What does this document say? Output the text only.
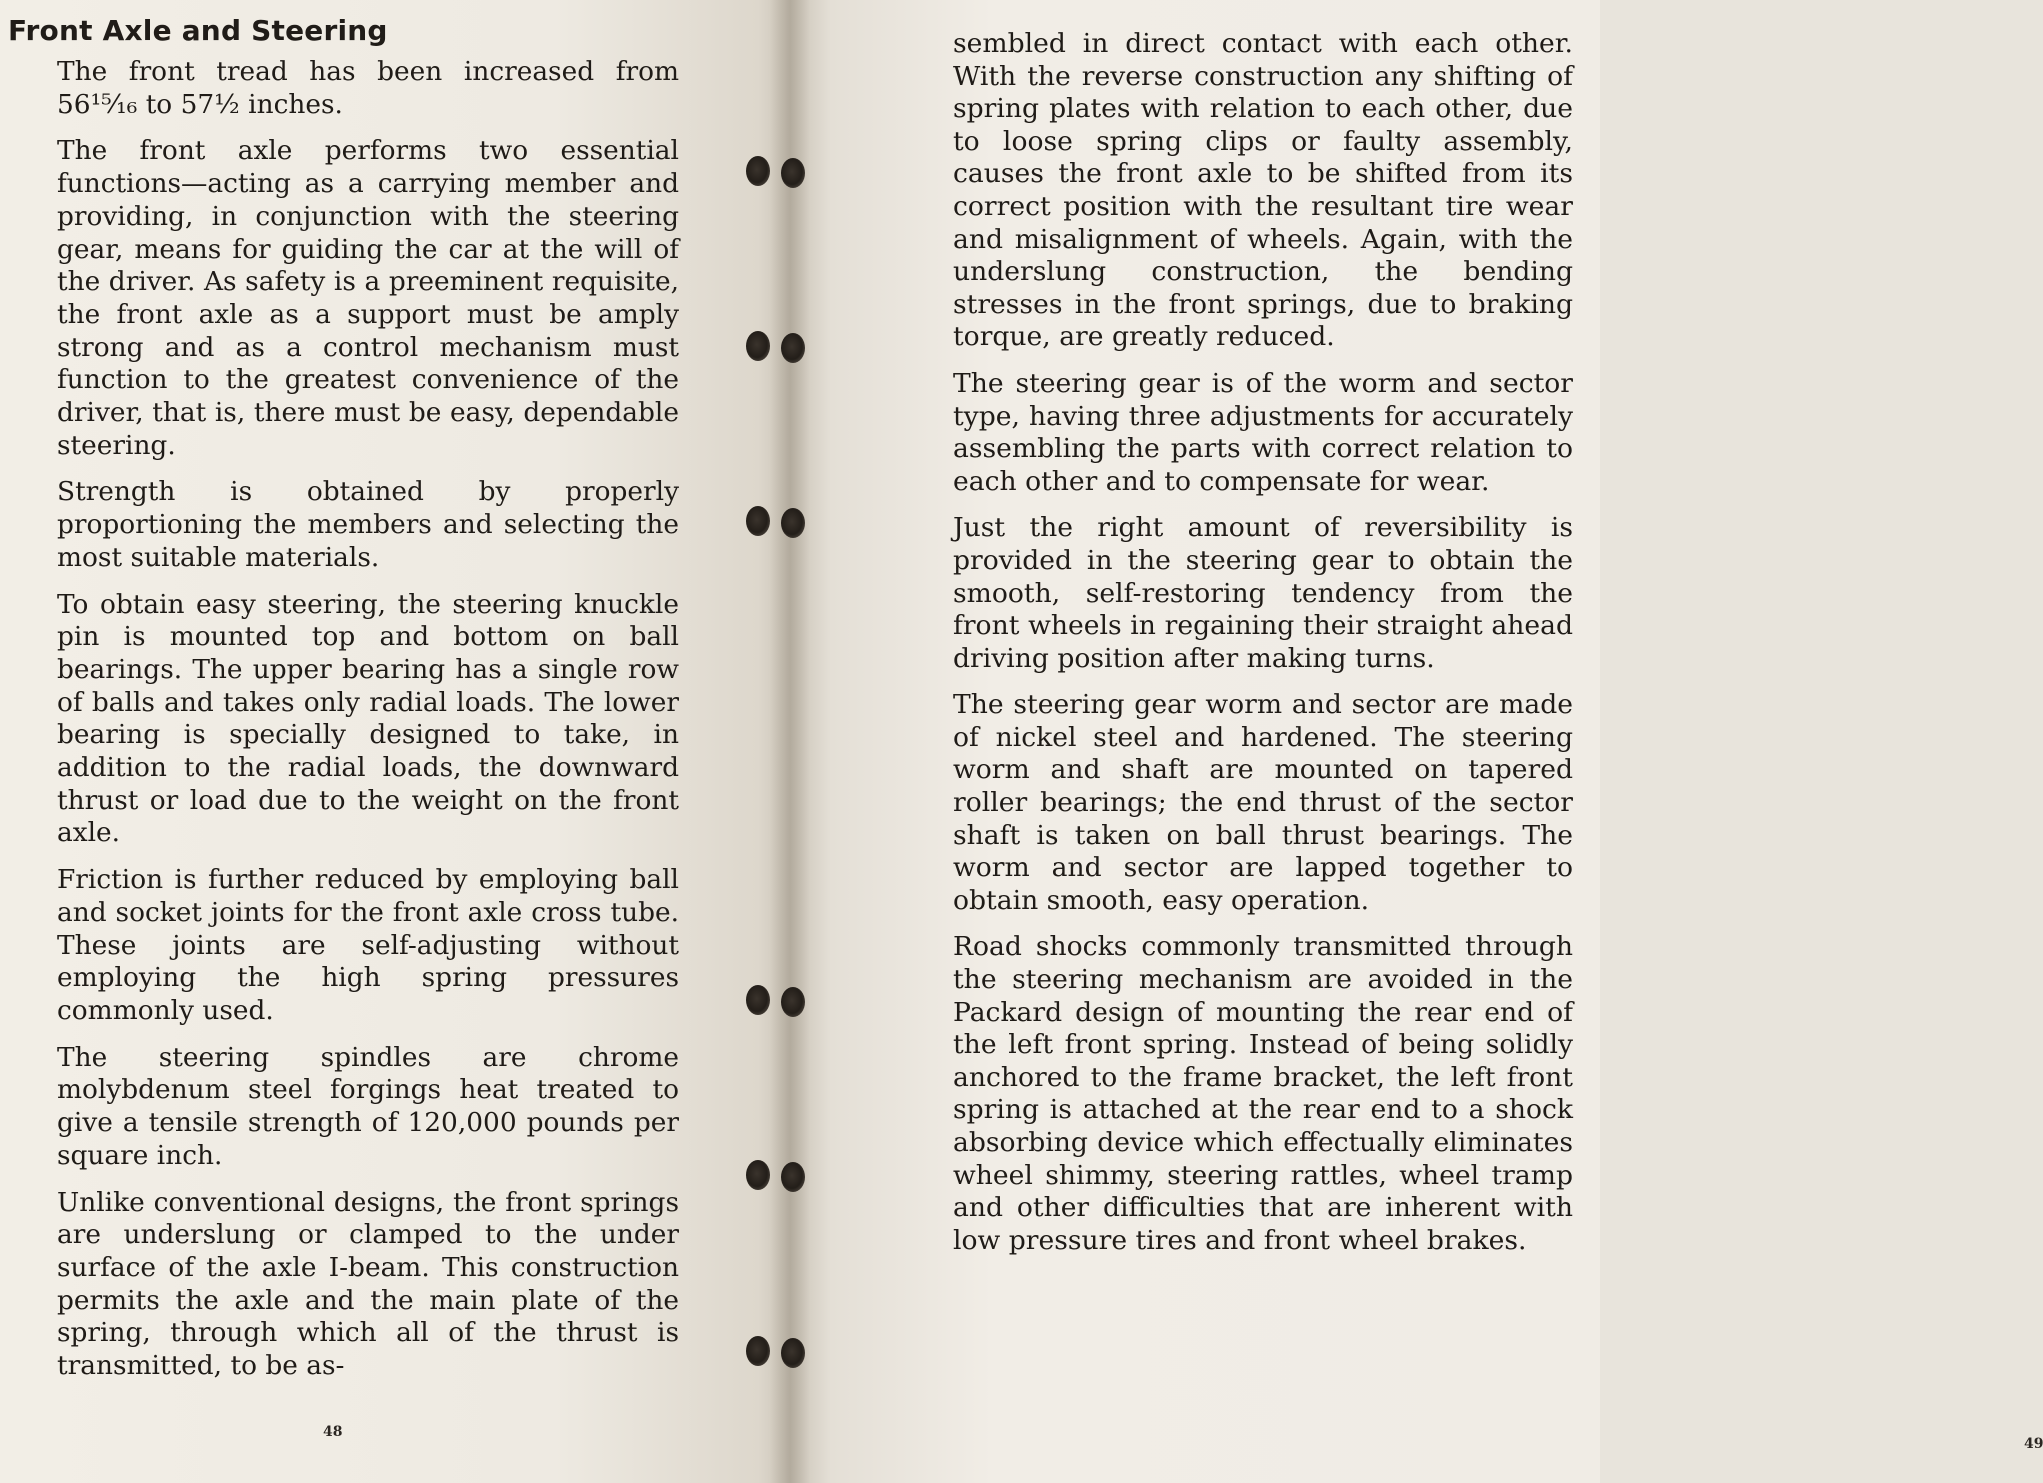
Front Axle and Steering

The front tread has been increased from 56¹⁵⁄₁₆ to 57½ inches.

The front axle performs two essential functions—acting as a carrying member and providing, in conjunction with the steering gear, means for guiding the car at the will of the driver. As safety is a preeminent requisite, the front axle as a support must be amply strong and as a control mechanism must function to the greatest convenience of the driver, that is, there must be easy, dependable steering.

Strength is obtained by properly proportioning the members and selecting the most suitable materials.

To obtain easy steering, the steering knuckle pin is mounted top and bottom on ball bearings. The upper bearing has a single row of balls and takes only radial loads. The lower bearing is specially designed to take, in addition to the radial loads, the downward thrust or load due to the weight on the front axle.

Friction is further reduced by employing ball and socket joints for the front axle cross tube. These joints are self-adjusting without employing the high spring pressures commonly used.

The steering spindles are chrome molybdenum steel forgings heat treated to give a tensile strength of 120,000 pounds per square inch.

Unlike conventional designs, the front springs are underslung or clamped to the under surface of the axle I-beam. This construction permits the axle and the main plate of the spring, through which all of the thrust is transmitted, to be as-

48
49

sembled in direct contact with each other. With the reverse construction any shifting of spring plates with relation to each other, due to loose spring clips or faulty assembly, causes the front axle to be shifted from its correct position with the resultant tire wear and misalignment of wheels. Again, with the underslung construction, the bending stresses in the front springs, due to braking torque, are greatly reduced.

The steering gear is of the worm and sector type, having three adjustments for accurately assembling the parts with correct relation to each other and to compensate for wear.

Just the right amount of reversibility is provided in the steering gear to obtain the smooth, self-restoring tendency from the front wheels in regaining their straight ahead driving position after making turns.

The steering gear worm and sector are made of nickel steel and hardened. The steering worm and shaft are mounted on tapered roller bearings; the end thrust of the sector shaft is taken on ball thrust bearings. The worm and sector are lapped together to obtain smooth, easy operation.

Road shocks commonly transmitted through the steering mechanism are avoided in the Packard design of mounting the rear end of the left front spring. Instead of being solidly anchored to the frame bracket, the left front spring is attached at the rear end to a shock absorbing device which effectually eliminates wheel shimmy, steering rattles, wheel tramp and other difficulties that are inherent with low pressure tires and front wheel brakes.
